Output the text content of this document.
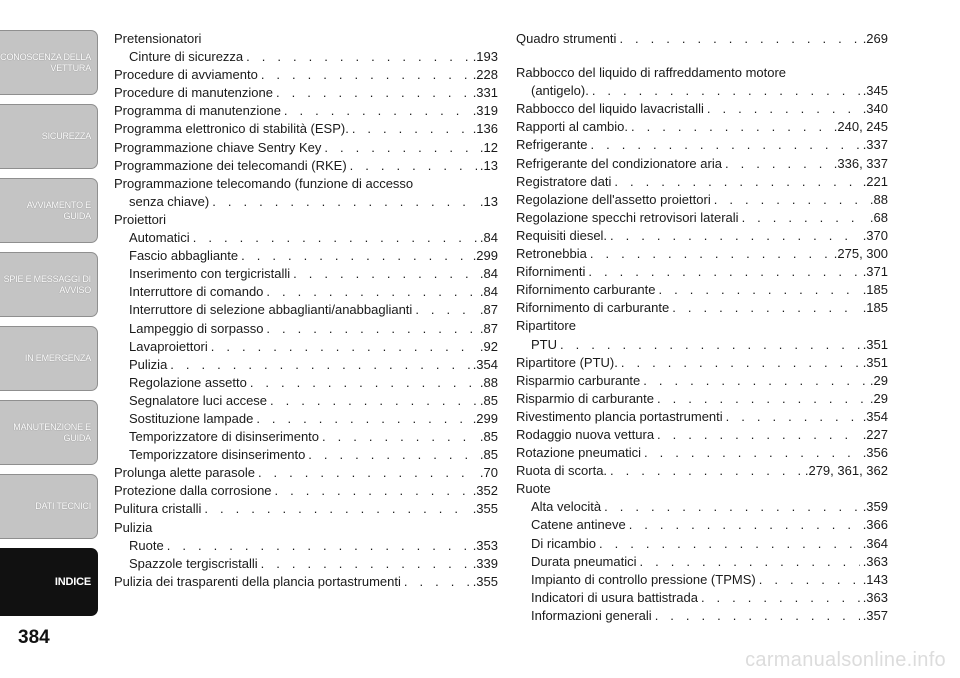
CONOSCENZA DELLA VETTURA
SICUREZZA
AVVIAMENTO E GUIDA
SPIE E MESSAGGI DI AVVISO
IN EMERGENZA
MANUTENZIONE E GUIDA
DATI TECNICI
INDICE
384
Pretensionatori
Cinture di sicurezza . . .	.193
Procedure di avviamento . . .	.228
Procedure di manutenzione . . .	.331
Programma di manutenzione . . .	.319
Programma elettronico di stabilità (ESP). . . .	.136
Programmazione chiave Sentry Key . . .	.12
Programmazione dei telecomandi (RKE) . . .	.13
Programmazione telecomando (funzione di accesso
senza chiave) . . .	.13
Proiettori
Automatici . . .	.84
Fascio abbagliante . . .	.299
Inserimento con tergicristalli . . .	.84
Interruttore di comando . . .	.84
Interruttore di selezione abbaglianti/anabbaglianti . . .	.87
Lampeggio di sorpasso . . .	.87
Lavaproiettori . . .	.92
Pulizia . . .	.354
Regolazione assetto . . .	.88
Segnalatore luci accese . . .	.85
Sostituzione lampade . . .	.299
Temporizzatore di disinserimento . . .	.85
Temporizzatore disinserimento . . .	.85
Prolunga alette parasole . . .	.70
Protezione dalla corrosione . . .	.352
Pulitura cristalli . . .	.355
Pulizia
Ruote . . .	.353
Spazzole tergiscristalli . . .	.339
Pulizia dei trasparenti della plancia portastrumenti . . .	.355
Quadro strumenti . . .	.269
Rabbocco del liquido di raffreddamento motore
(antigelo). . . .	.345
Rabbocco del liquido lavacristalli . . .	.340
Rapporti al cambio. . . .	.240, 245
Refrigerante . . .	.337
Refrigerante del condizionatore aria . . .	.336, 337
Registratore dati . . .	.221
Regolazione dell'assetto proiettori . . .	.88
Regolazione specchi retrovisori laterali . . .	.68
Requisiti diesel. . . .	.370
Retronebbia . . .	.275, 300
Rifornimenti . . .	.371
Rifornimento carburante . . .	.185
Rifornimento di carburante . . .	.185
Ripartitore
PTU . . .	.351
Ripartitore (PTU). . . .	.351
Risparmio carburante . . .	.29
Risparmio di carburante . . .	.29
Rivestimento plancia portastrumenti . . .	.354
Rodaggio nuova vettura . . .	.227
Rotazione pneumatici . . .	.356
Ruota di scorta. . . .	.279, 361, 362
Ruote
Alta velocità . . .	.359
Catene antineve . . .	.366
Di ricambio . . .	.364
Durata pneumatici . . .	.363
Impianto di controllo pressione (TPMS) . . .	.143
Indicatori di usura battistrada . . .	.363
Informazioni generali . . .	.357
carmanualsonline.info
